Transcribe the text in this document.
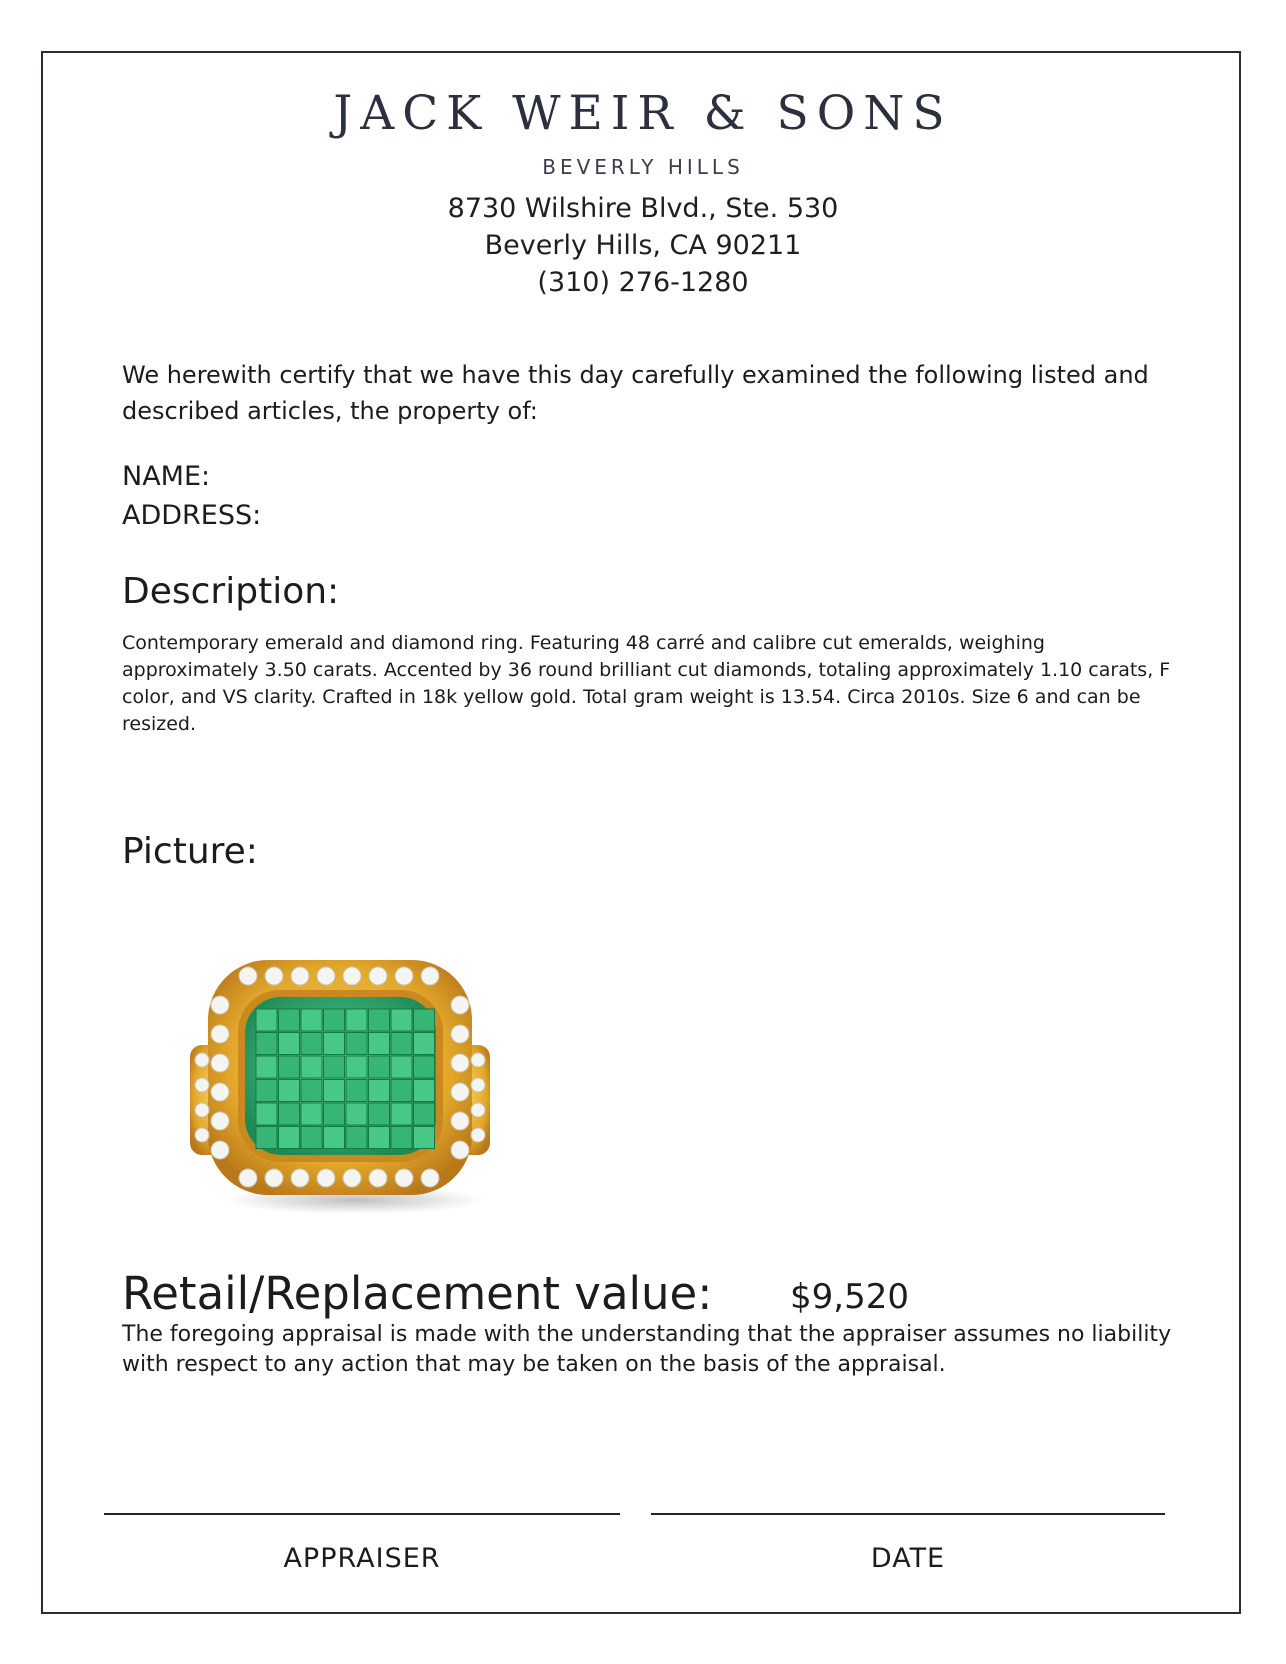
JACK WEIR & SONS
BEVERLY HILLS
8730 Wilshire Blvd., Ste. 530
Beverly Hills, CA 90211
(310) 276-1280
We herewith certify that we have this day carefully examined the following listed and described articles, the property of:
NAME:
ADDRESS:
Description:
Contemporary emerald and diamond ring. Featuring 48 carré and calibre cut emeralds, weighing approximately 3.50 carats. Accented by 36 round brilliant cut diamonds, totaling approximately 1.10 carats, F color, and VS clarity. Crafted in 18k yellow gold. Total gram weight is 13.54. Circa 2010s. Size 6 and can be resized.
Picture:
Retail/Replacement value: $9,520
The foregoing appraisal is made with the understanding that the appraiser assumes no liability with respect to any action that may be taken on the basis of the appraisal.
APPRAISER	DATE
